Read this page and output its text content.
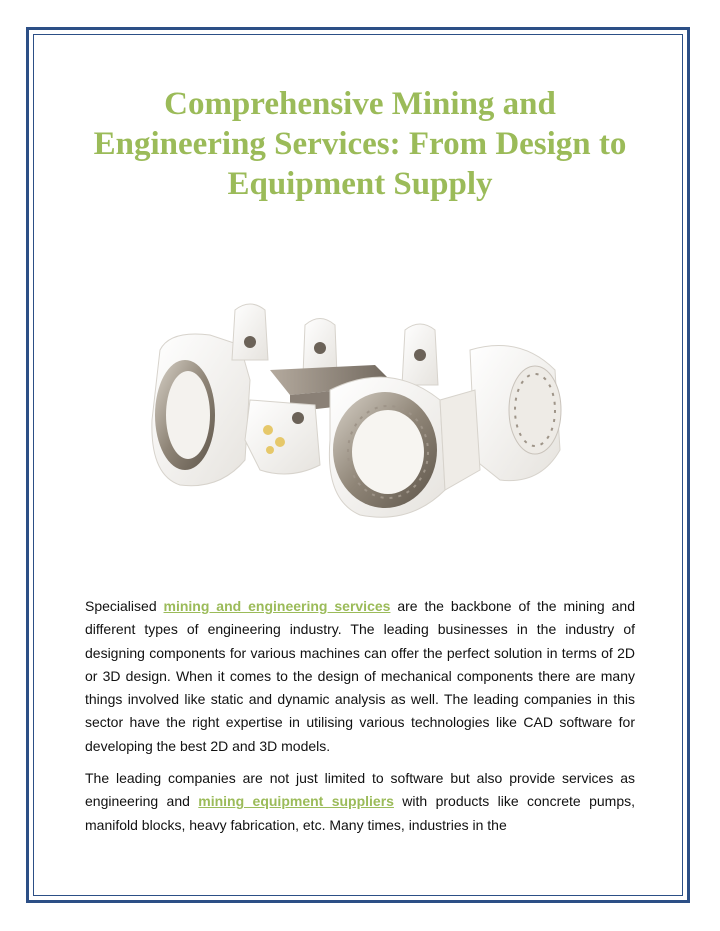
Comprehensive Mining and
Engineering Services: From Design to
Equipment Supply

Specialised mining and engineering services are the backbone of the mining and different types of engineering industry. The leading businesses in the industry of designing components for various machines can offer the perfect solution in terms of 2D or 3D design. When it comes to the design of mechanical components there are many things involved like static and dynamic analysis as well. The leading companies in this sector have the right expertise in utilising various technologies like CAD software for developing the best 2D and 3D models.

The leading companies are not just limited to software but also provide services as engineering and mining equipment suppliers with products like concrete pumps, manifold blocks, heavy fabrication, etc. Many times, industries in the
